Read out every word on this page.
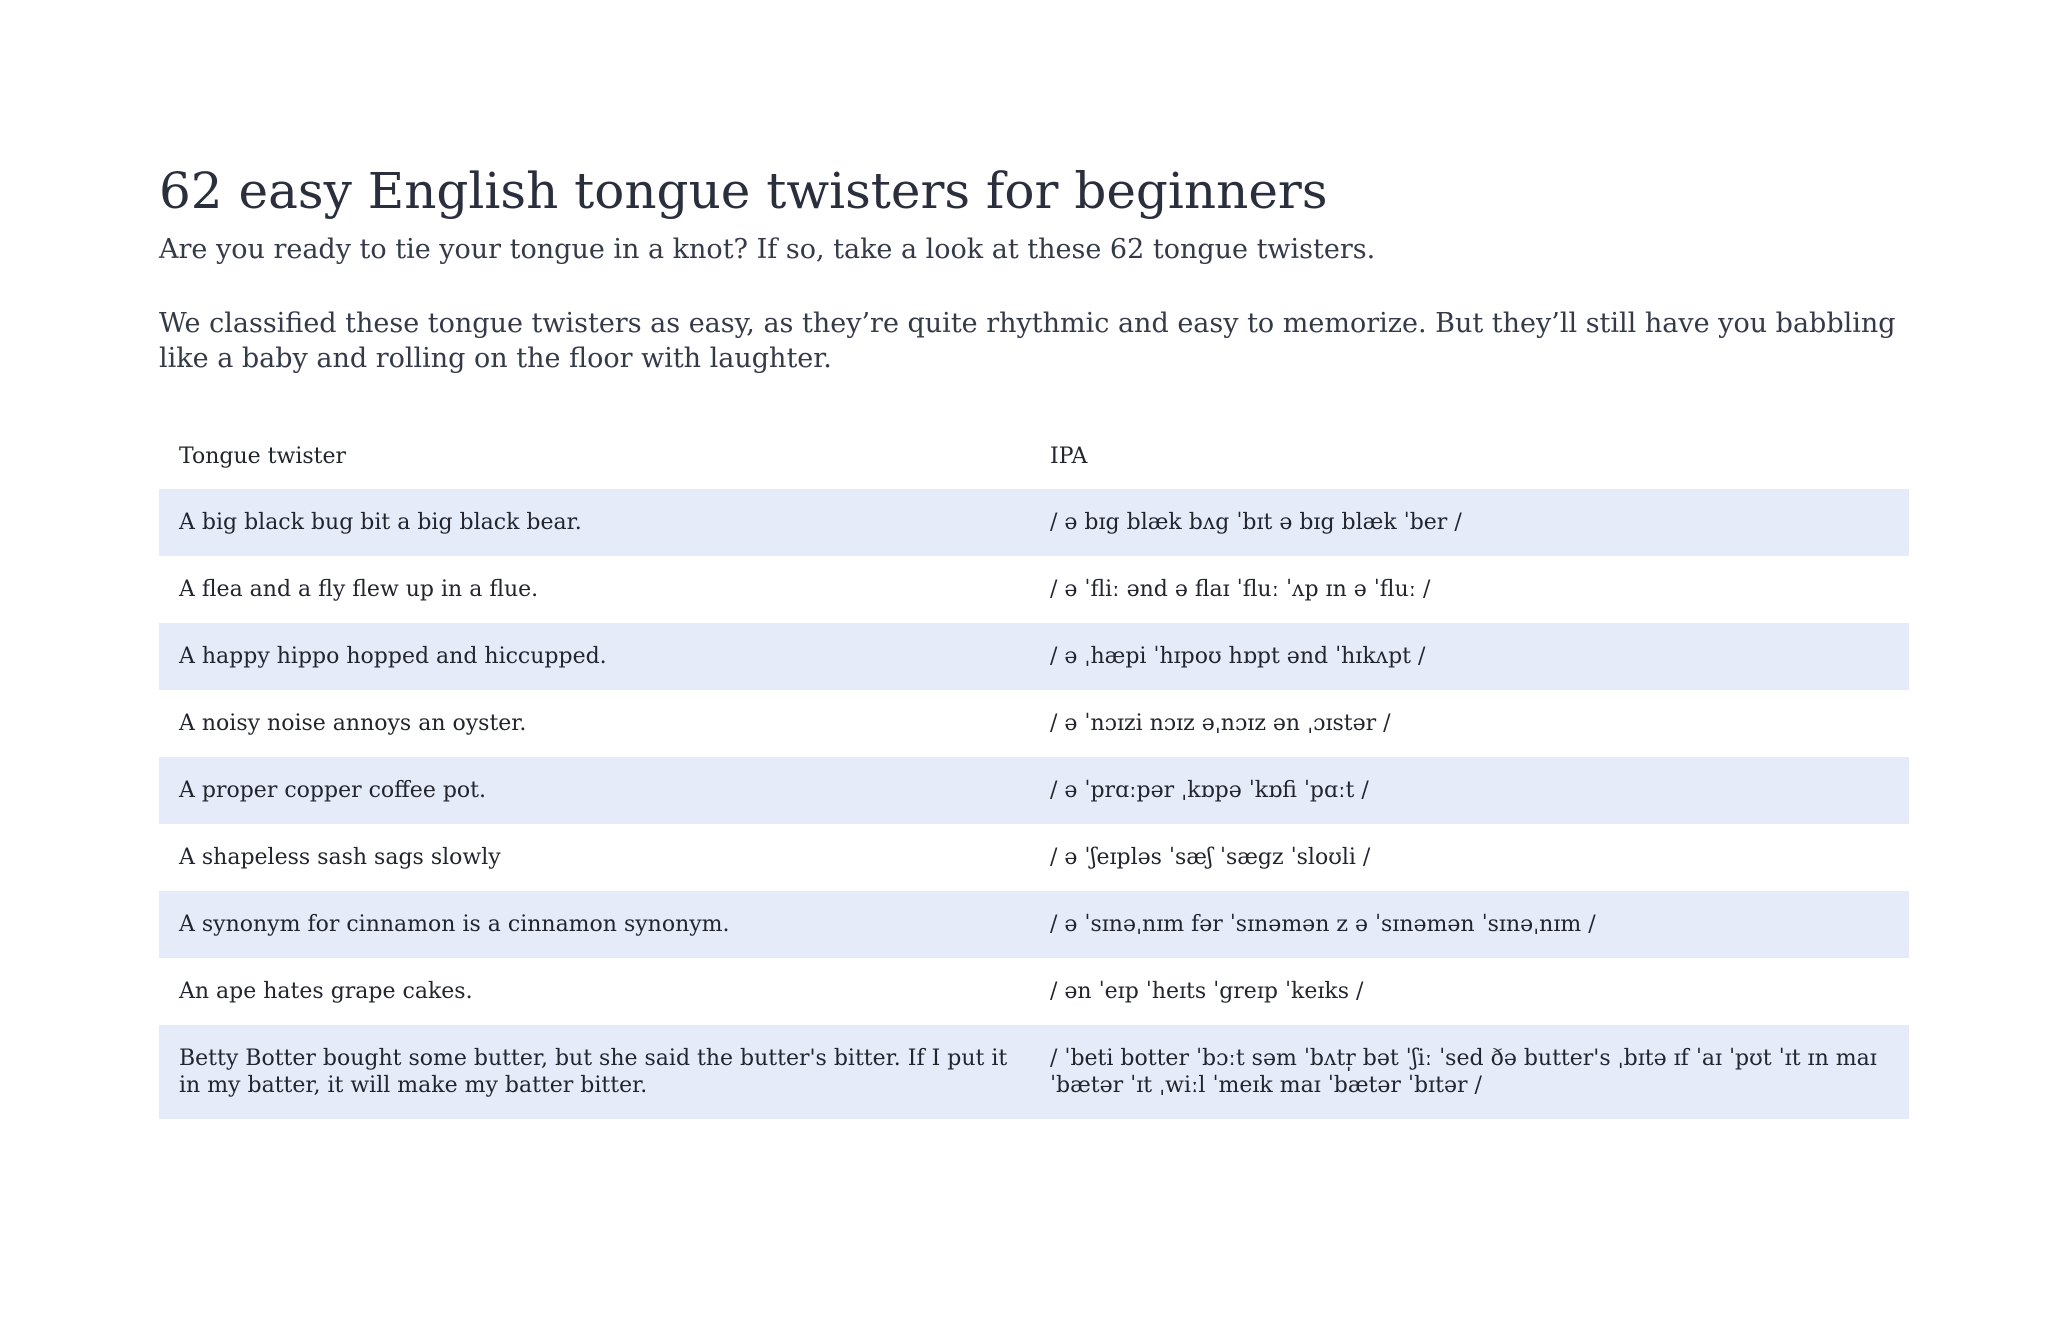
62 easy English tongue twisters for beginners

Are you ready to tie your tongue in a knot? If so, take a look at these 62 tongue twisters.

We classified these tongue twisters as easy, as they’re quite rhythmic and easy to memorize. But they’ll still have you babbling like a baby and rolling on the floor with laughter.

Tongue twister	IPA
A big black bug bit a big black bear.	/ ə bɪg blæk bʌg ˈbɪt ə bɪg blæk ˈber /
A flea and a fly flew up in a flue.	/ ə ˈfliː ənd ə flaɪ ˈfluː ˈʌp ɪn ə ˈfluː /
A happy hippo hopped and hiccupped.	/ ə ˌhæpi ˈhɪpoʊ hɒpt ənd ˈhɪkʌpt /
A noisy noise annoys an oyster.	/ ə ˈnɔɪzi nɔɪz əˌnɔɪz ən ˌɔɪstər /
A proper copper coffee pot.	/ ə ˈprɑːpər ˌkɒpə ˈkɒfi ˈpɑːt /
A shapeless sash sags slowly	/ ə ˈʃeɪpləs ˈsæʃ ˈsægz ˈsloʊli /
A synonym for cinnamon is a cinnamon synonym.	/ ə ˈsɪnəˌnɪm fər ˈsɪnəmən z ə ˈsɪnəmən ˈsɪnəˌnɪm /
An ape hates grape cakes.	/ ən ˈeɪp ˈheɪts ˈgreɪp ˈkeɪks /
Betty Botter bought some butter, but she said the butter's bitter. If I put it in my batter, it will make my batter bitter.	/ ˈbeti botter ˈbɔːt səm ˈbʌtr̩ bət ˈʃiː ˈsed ðə butter's ˌbɪtə ɪf ˈaɪ ˈpʊt ˈɪt ɪn maɪ ˈbætər ˈɪt ˌwiːl ˈmeɪk maɪ ˈbætər ˈbɪtər /
